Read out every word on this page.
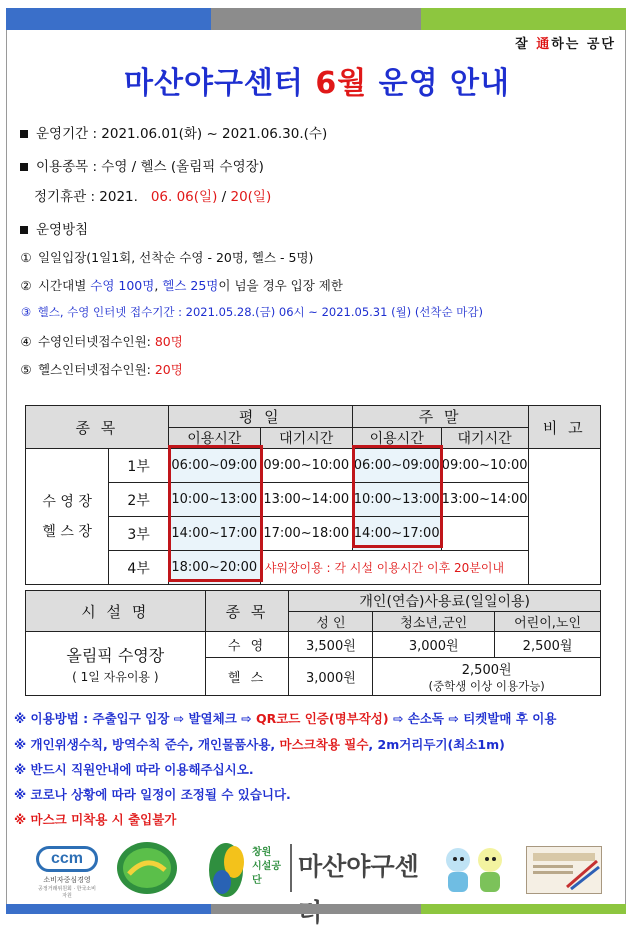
잘 通하는 공단
마산야구센터 6월 운영 안내
운영기간 : 2021.06.01(화) ~ 2021.06.30.(수)
이용종목 : 수영 / 헬스 (올림픽 수영장)
정기휴관 : 2021. 06. 06(일) / 20(일)
운영방침
① 일일입장(1일1회, 선착순 수영 - 20명, 헬스 - 5명)
② 시간대별 수영 100명, 헬스 25명이 넘을 경우 입장 제한
③ 헬스, 수영 인터넷 접수기간 : 2021.05.28.(금) 06시 ~ 2021.05.31 (월) (선착순 마감)
④ 수영인터넷접수인원: 80명
⑤ 헬스인터넷접수인원: 20명
종 목		평 일		주 말		비 고
		이용시간	대기시간	이용시간	대기시간	

수 영 장
헬 스 장	1부	06:00~09:00	09:00~10:00	06:00~09:00	09:00~10:00	
	2부	10:00~13:00	13:00~14:00	10:00~13:00	13:00~14:00	
	3부	14:00~17:00	17:00~18:00	14:00~17:00		
	4부	18:00~20:00	샤워장이용 : 각 시설 이용시간 이후 20분이내			
시 설 명	종 목	개인(연습)사용료(일일이용)		
		성 인	청소년,군인	어린이,노인

올림픽 수영장
( 1일 자유이용 )	수 영	3,500원	3,000원	2,500월
	헬 스	3,000원	2,500원
(중학생 이상 이용가능)	
※ 이용방법 : 주출입구 입장 ⇨ 발열체크 ⇨ QR코드 인증(명부작성) ⇨ 손소독 ⇨ 티켓발매 후 이용
※ 개인위생수칙, 방역수칙 준수, 개인물품사용, 마스크착용 필수, 2m거리두기(최소1m)
※ 반드시 직원안내에 따라 이용해주십시오.
※ 코로나 상황에 따라 일정이 조정될 수 있습니다.
※ 마스크 미착용 시 출입불가
ccm
소비자중심경영
공정거래위원회 · 한국소비자원
창원
시설공단	마산야구센
